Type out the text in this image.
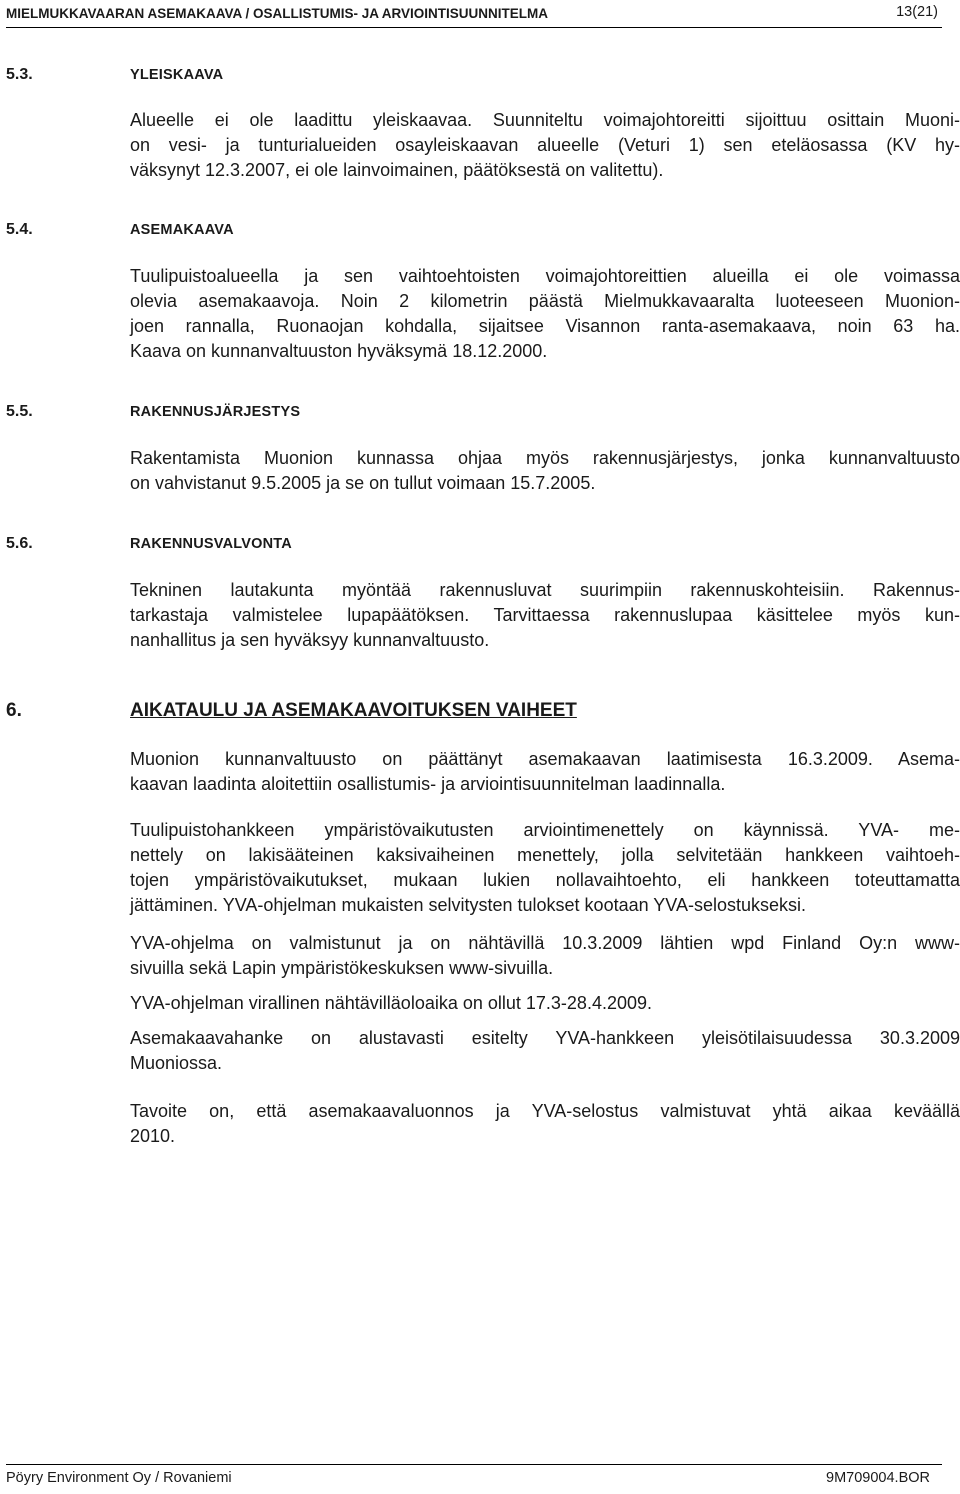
MIELMUKKAVAARAN ASEMAKAAVA / OSALLISTUMIS- JA ARVIOINTISUUNNITELMA	13(21)
5.3.	YLEISKAAVA
Alueelle ei ole laadittu yleiskaavaa. Suunniteltu voimajohtoreitti sijoittuu osittain Muoni-
on vesi- ja tunturialueiden osayleiskaavan alueelle (Veturi 1) sen eteläosassa (KV hy-
väksynyt 12.3.2007, ei ole lainvoimainen, päätöksestä on valitettu).
5.4.	ASEMAKAAVA
Tuulipuistoalueella ja sen vaihtoehtoisten voimajohtoreittien alueilla ei ole voimassa
olevia asemakaavoja. Noin 2 kilometrin päästä Mielmukkavaaralta luoteeseen Muonion-
joen rannalla, Ruonaojan kohdalla, sijaitsee Visannon ranta-asemakaava, noin 63 ha.
Kaava on kunnanvaltuuston hyväksymä 18.12.2000.
5.5.	RAKENNUSJÄRJESTYS
Rakentamista Muonion kunnassa ohjaa myös rakennusjärjestys, jonka kunnanvaltuusto
on vahvistanut 9.5.2005 ja se on tullut voimaan 15.7.2005.
5.6.	RAKENNUSVALVONTA
Tekninen lautakunta myöntää rakennusluvat suurimpiin rakennuskohteisiin. Rakennus-
tarkastaja valmistelee lupapäätöksen. Tarvittaessa rakennuslupaa käsittelee myös kun-
nanhallitus ja sen hyväksyy kunnanvaltuusto.
6.	AIKATAULU JA ASEMAKAAVOITUKSEN VAIHEET
Muonion kunnanvaltuusto on päättänyt asemakaavan laatimisesta 16.3.2009. Asema-
kaavan laadinta aloitettiin osallistumis- ja arviointisuunnitelman laadinnalla.
Tuulipuistohankkeen ympäristövaikutusten arviointimenettely on käynnissä. YVA- me-
nettely on lakisääteinen kaksivaiheinen menettely, jolla selvitetään hankkeen vaihtoeh-
tojen ympäristövaikutukset, mukaan lukien nollavaihtoehto, eli hankkeen toteuttamatta
jättäminen. YVA-ohjelman mukaisten selvitysten tulokset kootaan YVA-selostukseksi.
YVA-ohjelma on valmistunut ja on nähtävillä 10.3.2009 lähtien wpd Finland Oy:n www-
sivuilla sekä Lapin ympäristökeskuksen www-sivuilla.
YVA-ohjelman virallinen nähtävilläoloaika on ollut 17.3-28.4.2009.
Asemakaavahanke on alustavasti esitelty YVA-hankkeen yleisötilaisuudessa 30.3.2009
Muoniossa.
Tavoite on, että asemakaavaluonnos ja YVA-selostus valmistuvat yhtä aikaa keväällä
2010.
Pöyry Environment Oy / Rovaniemi	9M709004.BOR
